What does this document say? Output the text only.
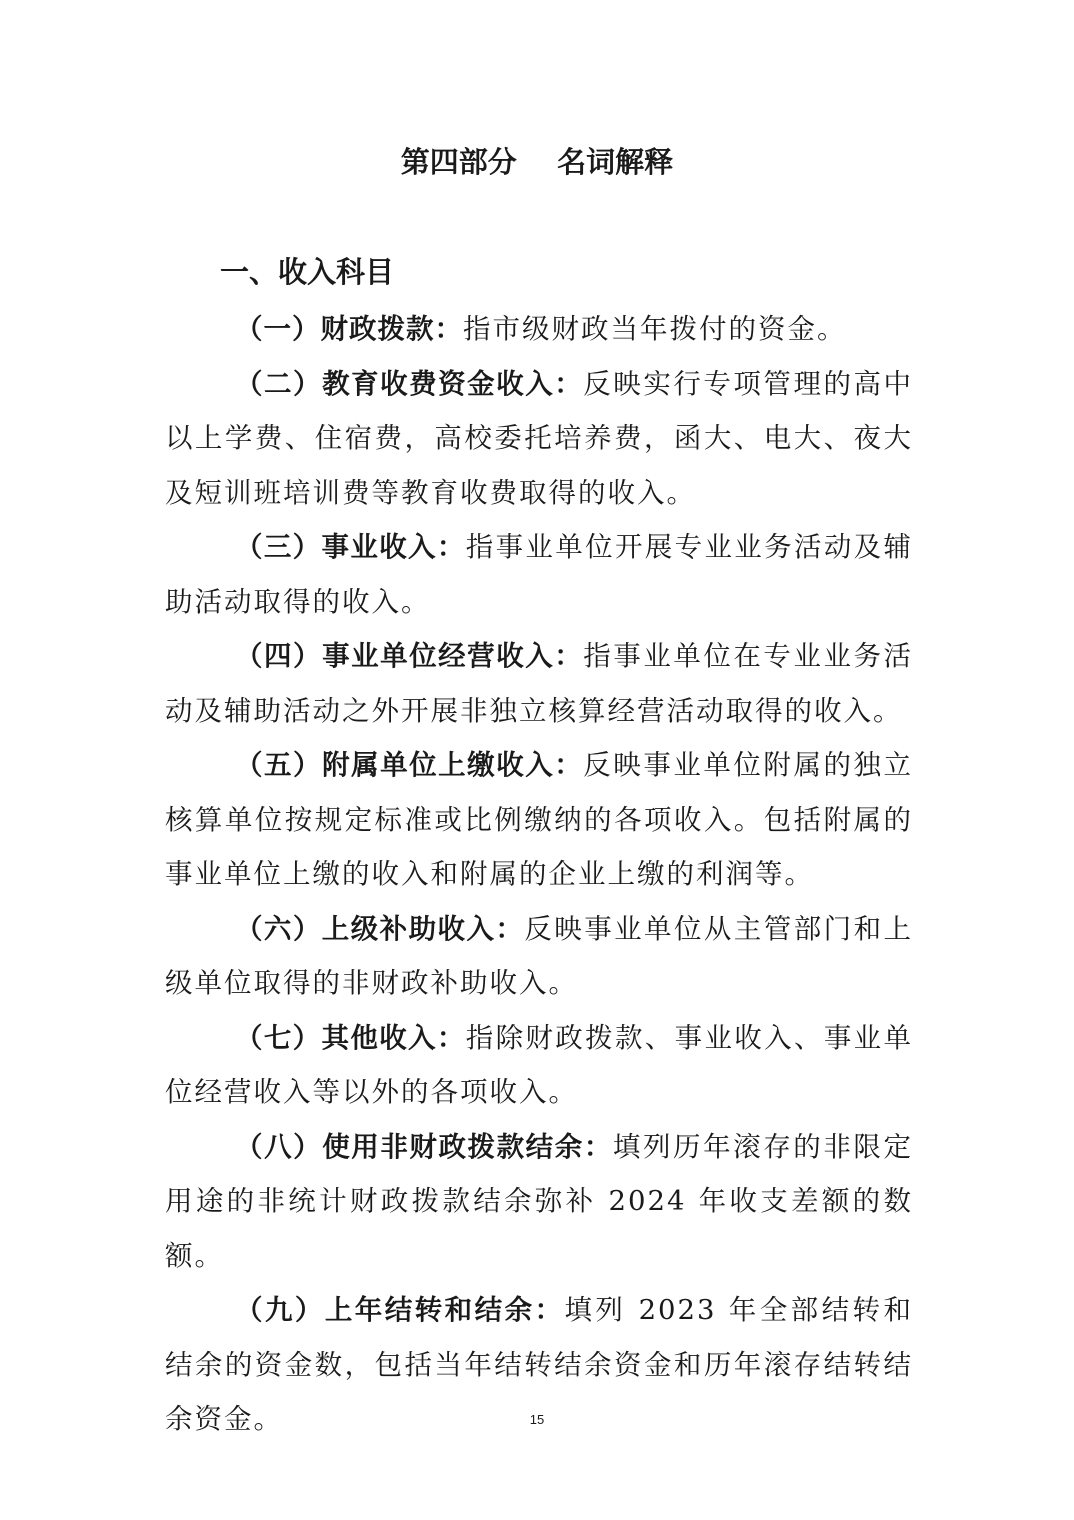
第四部分    名词解释
一、收入科目

（一）财政拨款：指市级财政当年拨付的资金。

（二）教育收费资金收入：反映实行专项管理的高中以上学费、住宿费，高校委托培养费，函大、电大、夜大及短训班培训费等教育收费取得的收入。

（三）事业收入：指事业单位开展专业业务活动及辅助活动取得的收入。

（四）事业单位经营收入：指事业单位在专业业务活动及辅助活动之外开展非独立核算经营活动取得的收入。

（五）附属单位上缴收入：反映事业单位附属的独立核算单位按规定标准或比例缴纳的各项收入。包括附属的事业单位上缴的收入和附属的企业上缴的利润等。

（六）上级补助收入：反映事业单位从主管部门和上级单位取得的非财政补助收入。

（七）其他收入：指除财政拨款、事业收入、事业单位经营收入等以外的各项收入。

（八）使用非财政拨款结余：填列历年滚存的非限定用途的非统计财政拨款结余弥补 2024 年收支差额的数额。

（九）上年结转和结余：填列 2023 年全部结转和结余的资金数，包括当年结转结余资金和历年滚存结转结余资金。	15
